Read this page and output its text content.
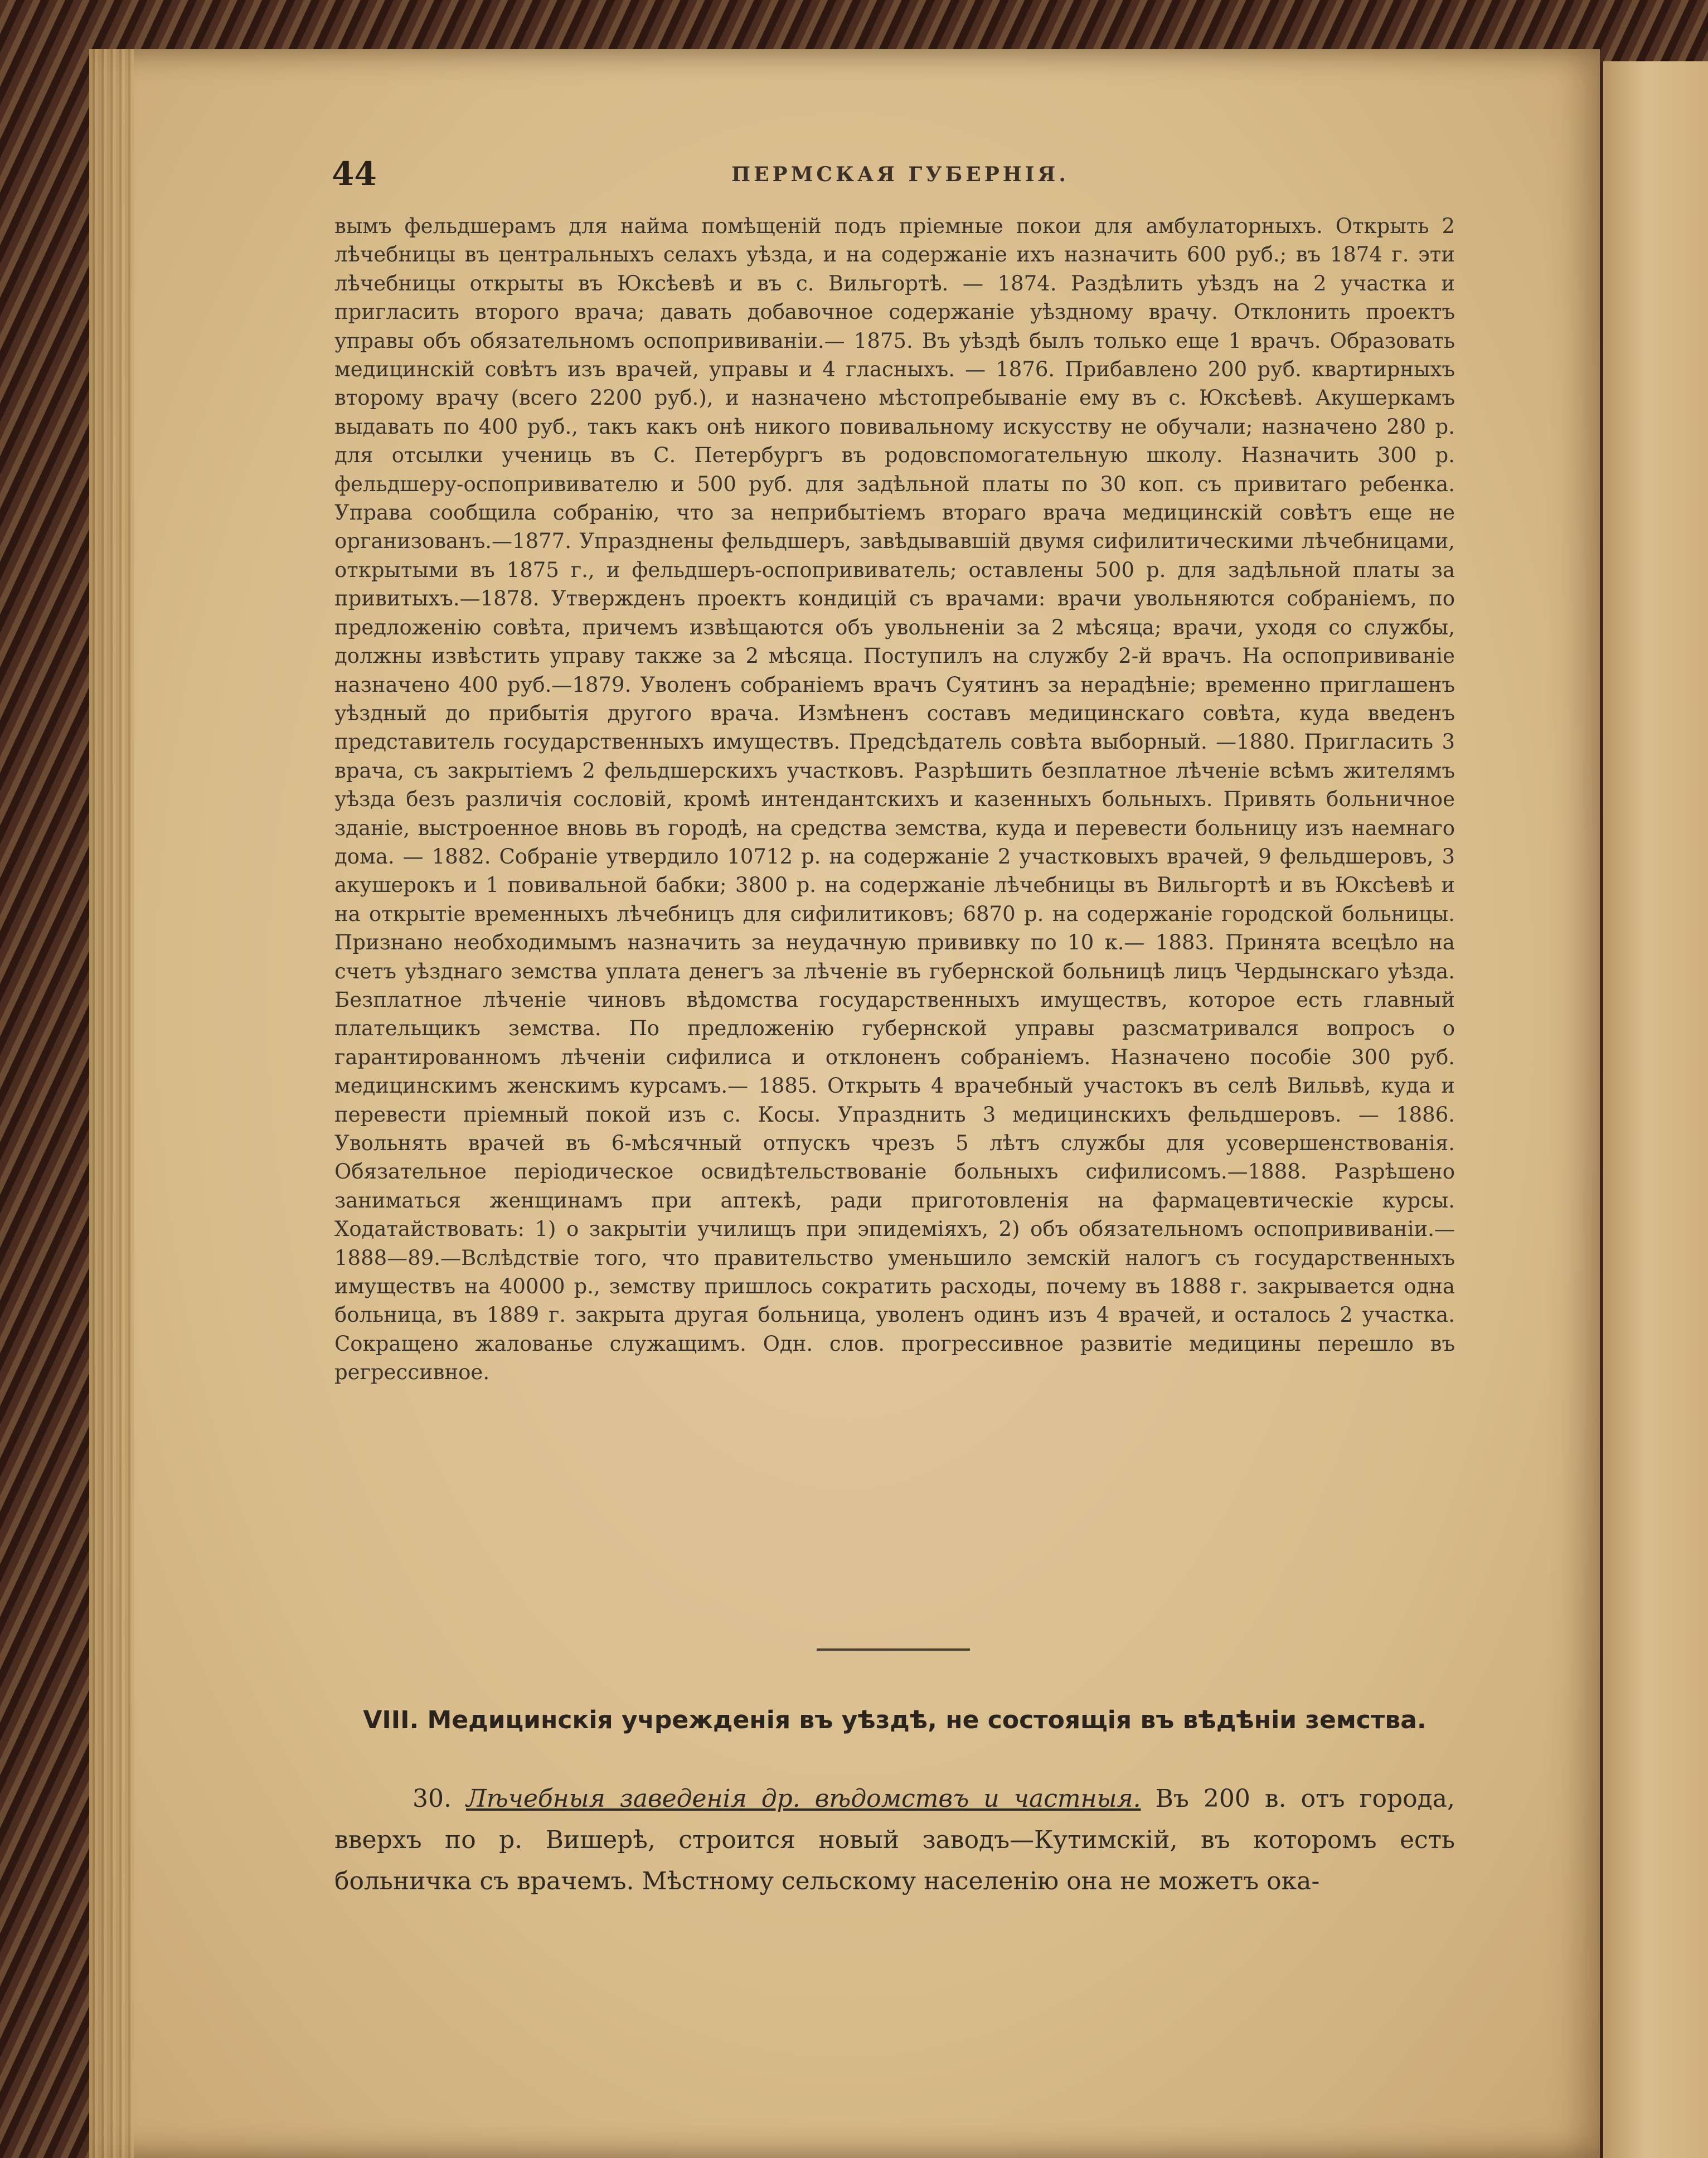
44	ПЕРМСКАЯ ГУБЕРНІЯ.

вымъ фельдшерамъ для найма помѣщеній подъ пріемные покои для амбулаторныхъ. Открыть 2 лѣчебницы въ центральныхъ селахъ уѣзда, и на содержаніе ихъ назначить 600 руб.; въ 1874 г. эти лѣчебницы открыты въ Юксѣевѣ и въ с. Вильгортѣ. — 1874. Раздѣлить уѣздъ на 2 участка и пригласить второго врача; давать добавочное содержаніе уѣздному врачу. Отклонить проектъ управы объ обязательномъ оспопрививаніи.— 1875. Въ уѣздѣ былъ только еще 1 врачъ. Образовать медицинскій совѣтъ изъ врачей, управы и 4 гласныхъ. — 1876. Прибавлено 200 руб. квартирныхъ второму врачу (всего 2200 руб.), и назначено мѣстопребываніе ему въ с. Юксѣевѣ. Акушеркамъ выдавать по 400 руб., такъ какъ онѣ никого повивальному искусству не обучали; назначено 280 р. для отсылки учениць въ С. Петербургъ въ родовспомогательную школу. Назначить 300 р. фельдшеру-оспопрививателю и 500 руб. для задѣльной платы по 30 коп. съ привитаго ребенка. Управа сообщила собранію, что за неприбытіемъ втораго врача медицинскій совѣтъ еще не организованъ.—1877. Упразднены фельдшеръ, завѣдывавшій двумя сифилитическими лѣчебницами, открытыми въ 1875 г., и фельдшеръ-оспопрививатель; оставлены 500 р. для задѣльной платы за привитыхъ.—1878. Утвержденъ проектъ кондицій съ врачами: врачи увольняются собраніемъ, по предложенію совѣта, причемъ извѣщаются объ увольненіи за 2 мѣсяца; врачи, уходя со службы, должны извѣстить управу также за 2 мѣсяца. Поступилъ на службу 2-й врачъ. На оспопрививаніе назначено 400 руб.—1879. Уволенъ собраніемъ врачъ Суятинъ за нерадѣніе; временно приглашенъ уѣздный до прибытія другого врача. Измѣненъ составъ медицинскаго совѣта, куда введенъ представитель государственныхъ имуществъ. Предсѣдатель совѣта выборный. —1880. Пригласить 3 врача, съ закрытіемъ 2 фельдшерскихъ участковъ. Разрѣшить безплатное лѣченіе всѣмъ жителямъ уѣзда безъ различія сословій, кромѣ интендантскихъ и казенныхъ больныхъ. Привять больничное зданіе, выстроенное вновь въ городѣ, на средства земства, куда и перевести больницу изъ наемнаго дома. — 1882. Собраніе утвердило 10712 р. на содержаніе 2 участковыхъ врачей, 9 фельдшеровъ, 3 акушерокъ и 1 повивальной бабки; 3800 р. на содержаніе лѣчебницы въ Вильгортѣ и въ Юксѣевѣ и на открытіе временныхъ лѣчебницъ для сифилитиковъ; 6870 р. на содержаніе городской больницы. Признано необходимымъ назначить за неудачную прививку по 10 к.— 1883. Принята всецѣло на счетъ уѣзднаго земства уплата денегъ за лѣченіе въ губернской больницѣ лицъ Чердынскаго уѣзда. Безплатное лѣченіе чиновъ вѣдомства государственныхъ имуществъ, которое есть главный плательщикъ земства. По предложенію губернской управы разсматривался вопросъ о гарантированномъ лѣченіи сифилиса и отклоненъ собраніемъ. Назначено пособіе 300 руб. медицинскимъ женскимъ курсамъ.— 1885. Открыть 4 врачебный участокъ въ селѣ Вильвѣ, куда и перевести пріемный покой изъ с. Косы. Упразднить 3 медицинскихъ фельдшеровъ. — 1886. Увольнять врачей въ 6-мѣсячный отпускъ чрезъ 5 лѣтъ службы для усовершенствованія. Обязательное періодическое освидѣтельствованіе больныхъ сифилисомъ.—1888. Разрѣшено заниматься женщинамъ при аптекѣ, ради приготовленія на фармацевтическіе курсы. Ходатайствовать: 1) о закрытіи училищъ при эпидеміяхъ, 2) объ обязательномъ оспопрививаніи.— 1888—89.—Вслѣдствіе того, что правительство уменьшило земскій налогъ съ государственныхъ имуществъ на 40000 р., земству пришлось сократить расходы, почему въ 1888 г. закрывается одна больница, въ 1889 г. закрыта другая больница, уволенъ одинъ изъ 4 врачей, и осталось 2 участка. Сокращено жалованье служащимъ. Одн. слов. прогрессивное развитіе медицины перешло въ регрессивное.

VIII. Медицинскія учрежденія въ уѣздѣ, не состоящія въ вѣдѣніи земства.

30. Лѣчебныя заведенія др. вѣдомствъ и частныя. Въ 200 в. отъ города, вверхъ по р. Вишерѣ, строится новый заводъ—Кутимскій, въ которомъ есть больничка съ врачемъ. Мѣстному сельскому населенію она не можетъ ока-
